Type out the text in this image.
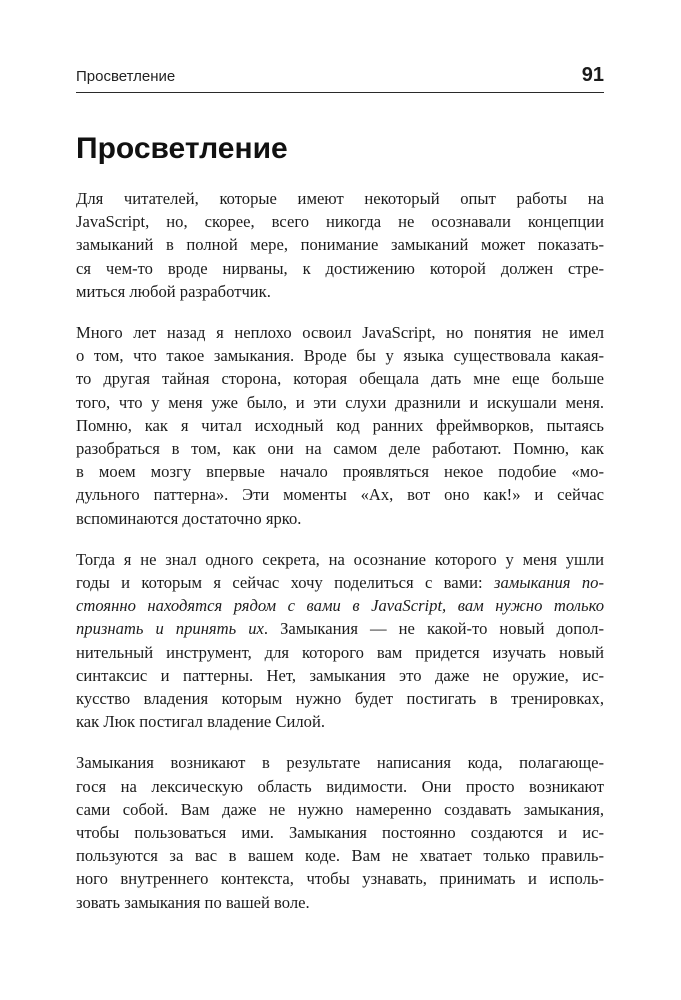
Просветление	91
Просветление

Для читателей, которые имеют некоторый опыт работы на
JavaScript, но, скорее, всего никогда не осознавали концепции
замыканий в полной мере, понимание замыканий может показать-
ся чем-то вроде нирваны, к достижению которой должен стре-
миться любой разработчик.

Много лет назад я неплохо освоил JavaScript, но понятия не имел
о том, что такое замыкания. Вроде бы у языка существовала какая-
то другая тайная сторона, которая обещала дать мне еще больше
того, что у меня уже было, и эти слухи дразнили и искушали меня.
Помню, как я читал исходный код ранних фреймворков, пытаясь
разобраться в том, как они на самом деле работают. Помню, как
в моем мозгу впервые начало проявляться некое подобие «мо-
дульного паттерна». Эти моменты «Ах, вот оно как!» и сейчас
вспоминаются достаточно ярко.

Тогда я не знал одного секрета, на осознание которого у меня ушли
годы и которым я сейчас хочу поделиться с вами: замыкания по-
стоянно находятся рядом с вами в JavaScript, вам нужно только
признать и принять их. Замыкания — не какой-то новый допол-
нительный инструмент, для которого вам придется изучать новый
синтаксис и паттерны. Нет, замыкания это даже не оружие, ис-
кусство владения которым нужно будет постигать в тренировках,
как Люк постигал владение Силой.

Замыкания возникают в результате написания кода, полагающе-
гося на лексическую область видимости. Они просто возникают
сами собой. Вам даже не нужно намеренно создавать замыкания,
чтобы пользоваться ими. Замыкания постоянно создаются и ис-
пользуются за вас в вашем коде. Вам не хватает только правиль-
ного внутреннего контекста, чтобы узнавать, принимать и исполь-
зовать замыкания по вашей воле.
